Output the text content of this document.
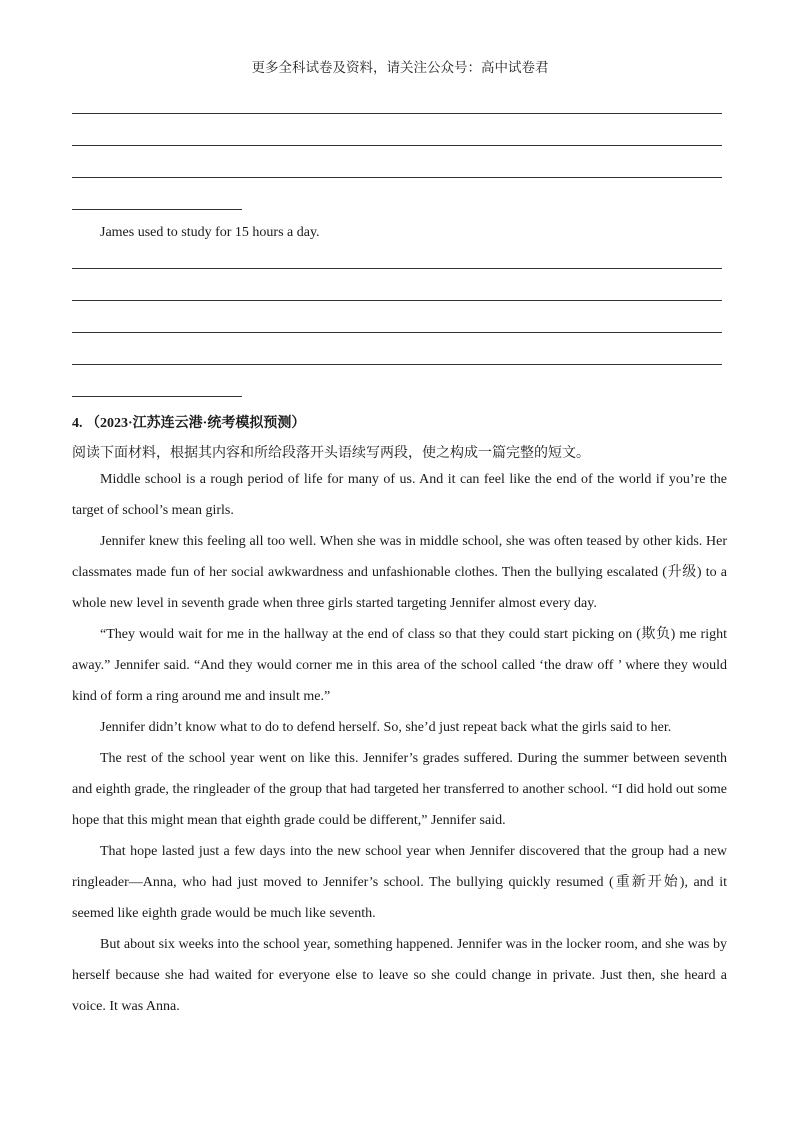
更多全科试卷及资料，请关注公众号：高中试卷君
James used to study for 15 hours a day.
4. （2023·江苏连云港·统考模拟预测）
阅读下面材料，根据其内容和所给段落开头语续写两段，使之构成一篇完整的短文。

Middle school is a rough period of life for many of us. And it can feel like the end of the world if you’re the target of school’s mean girls.

Jennifer knew this feeling all too well. When she was in middle school, she was often teased by other kids. Her classmates made fun of her social awkwardness and unfashionable clothes. Then the bullying escalated (升级) to a whole new level in seventh grade when three girls started targeting Jennifer almost every day.

“They would wait for me in the hallway at the end of class so that they could start picking on (欺负) me right away.” Jennifer said. “And they would corner me in this area of the school called ‘the draw off ’ where they would kind of form a ring around me and insult me.”

Jennifer didn’t know what to do to defend herself. So, she’d just repeat back what the girls said to her.

The rest of the school year went on like this. Jennifer’s grades suffered. During the summer between seventh and eighth grade, the ringleader of the group that had targeted her transferred to another school. “I did hold out some hope that this might mean that eighth grade could be different,” Jennifer said.

That hope lasted just a few days into the new school year when Jennifer discovered that the group had a new ringleader—Anna, who had just moved to Jennifer’s school. The bullying quickly resumed (重新开始), and it seemed like eighth grade would be much like seventh.

But about six weeks into the school year, something happened. Jennifer was in the locker room, and she was by herself because she had waited for everyone else to leave so she could change in private. Just then, she heard a voice. It was Anna.
